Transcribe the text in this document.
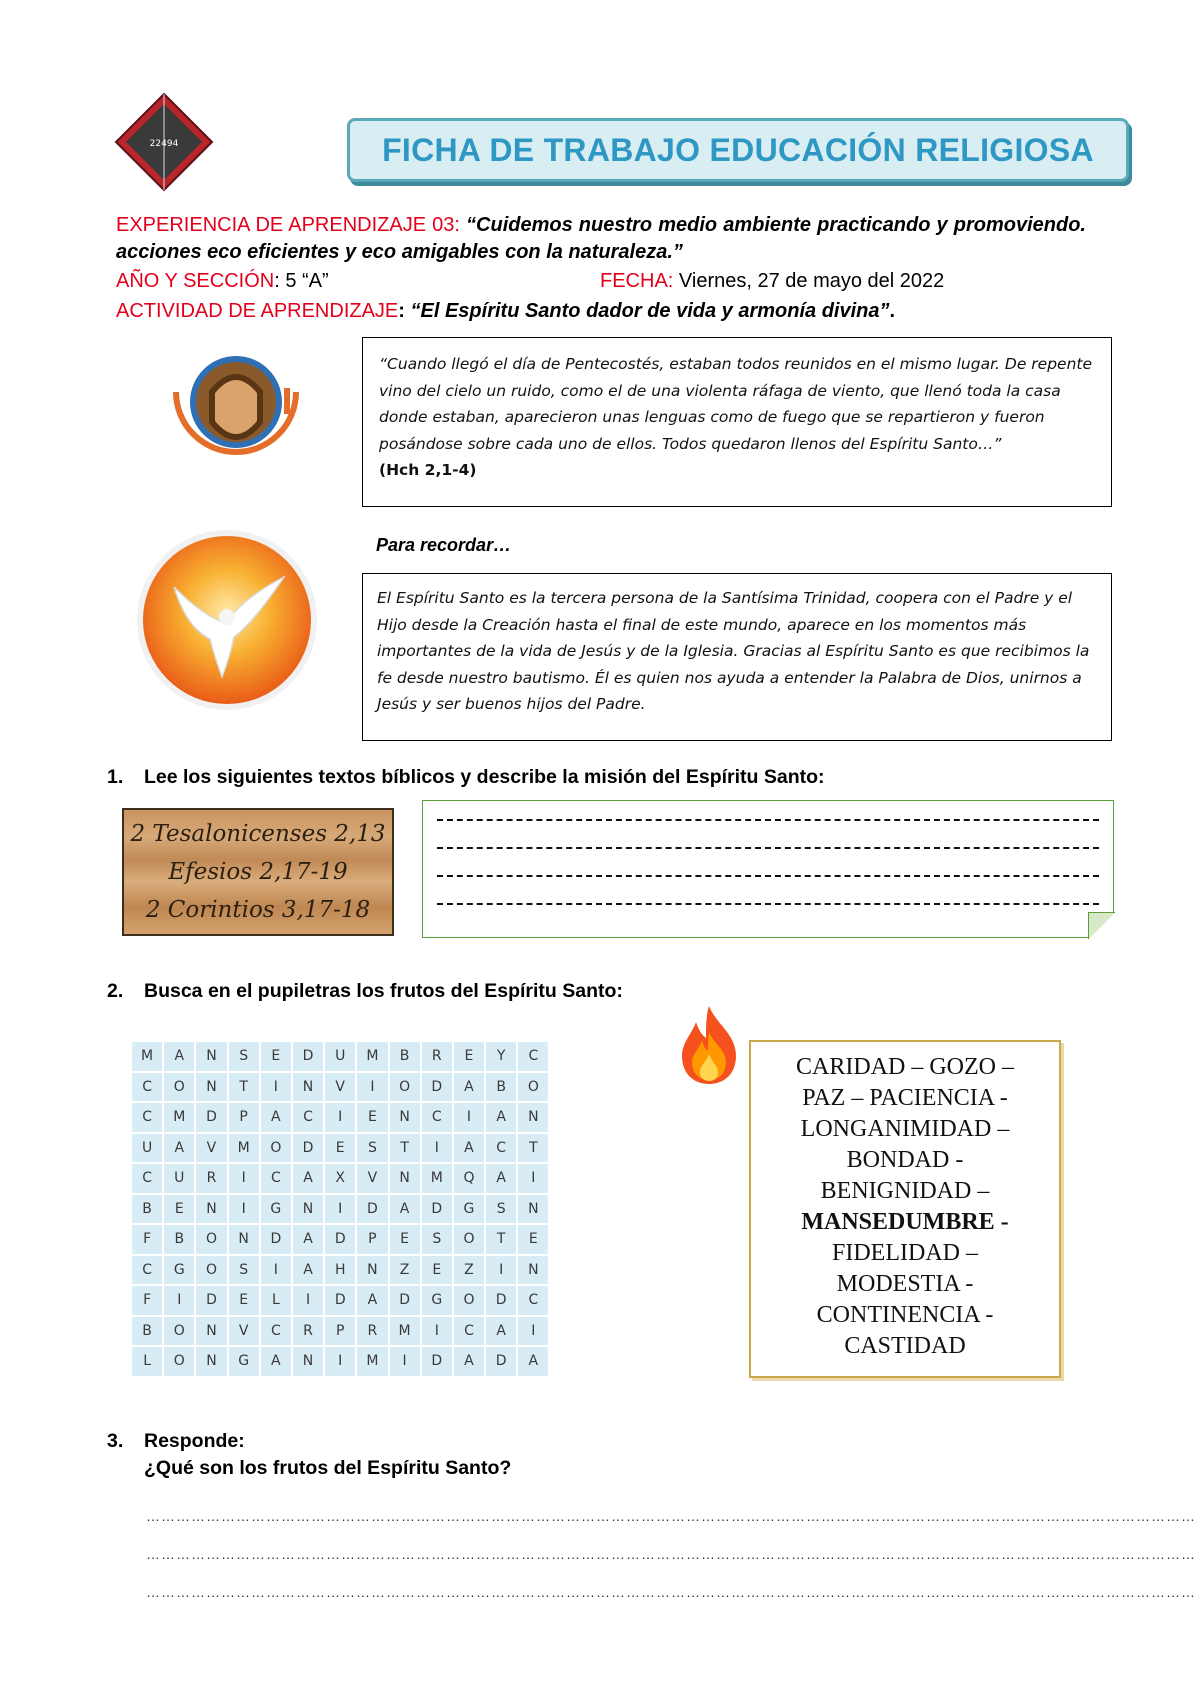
22494	FICHA DE TRABAJO EDUCACIÓN RELIGIOSA
EXPERIENCIA DE APRENDIZAJE 03: “Cuidemos nuestro medio ambiente practicando y promoviendo. acciones eco eficientes y eco amigables con la naturaleza.”
AÑO Y SECCIÓN: 5 “A”	FECHA: Viernes, 27 de mayo del 2022
ACTIVIDAD DE APRENDIZAJE: “El Espíritu Santo dador de vida y armonía divina”.
“Cuando llegó el día de Pentecostés, estaban todos reunidos en el mismo lugar. De repente vino del cielo un ruido, como el de una violenta ráfaga de viento, que llenó toda la casa donde estaban, aparecieron unas lenguas como de fuego que se repartieron y fueron posándose sobre cada uno de ellos. Todos quedaron llenos del Espíritu Santo…”
(Hch 2,1-4)
Para recordar…
El Espíritu Santo es la tercera persona de la Santísima Trinidad, coopera con el Padre y el Hijo desde la Creación hasta el final de este mundo, aparece en los momentos más importantes de la vida de Jesús y de la Iglesia. Gracias al Espíritu Santo es que recibimos la fe desde nuestro bautismo. Él es quien nos ayuda a entender la Palabra de Dios, unirnos a Jesús y ser buenos hijos del Padre.
1. Lee los siguientes textos bíblicos y describe la misión del Espíritu Santo:
2 Tesalonicenses 2,13
Efesios 2,17-19
2 Corintios 3,17-18
2. Busca en el pupiletras los frutos del Espíritu Santo:
M	A	N	S	E	D	U	M	B	R	E	Y	C
C	O	N	T	I	N	V	I	O	D	A	B	O
C	M	D	P	A	C	I	E	N	C	I	A	N
U	A	V	M	O	D	E	S	T	I	A	C	T
C	U	R	I	C	A	X	V	N	M	Q	A	I
B	E	N	I	G	N	I	D	A	D	G	S	N
F	B	O	N	D	A	D	P	E	S	O	T	E
C	G	O	S	I	A	H	N	Z	E	Z	I	N
F	I	D	E	L	I	D	A	D	G	O	D	C
B	O	N	V	C	R	P	R	M	I	C	A	I
L	O	N	G	A	N	I	M	I	D	A	D	A
CARIDAD – GOZO –
PAZ – PACIENCIA -
LONGANIMIDAD –
BONDAD -
BENIGNIDAD –
MANSEDUMBRE -
FIDELIDAD –
MODESTIA -
CONTINENCIA -
CASTIDAD
3. Responde:
¿Qué son los frutos del Espíritu Santo?
…………………………………………………………………………………………………………………………………………………………………………………………
…………………………………………………………………………………………………………………………………………………………………………………………
…………………………………………………………………………………………………………………………………………………………………………………………
